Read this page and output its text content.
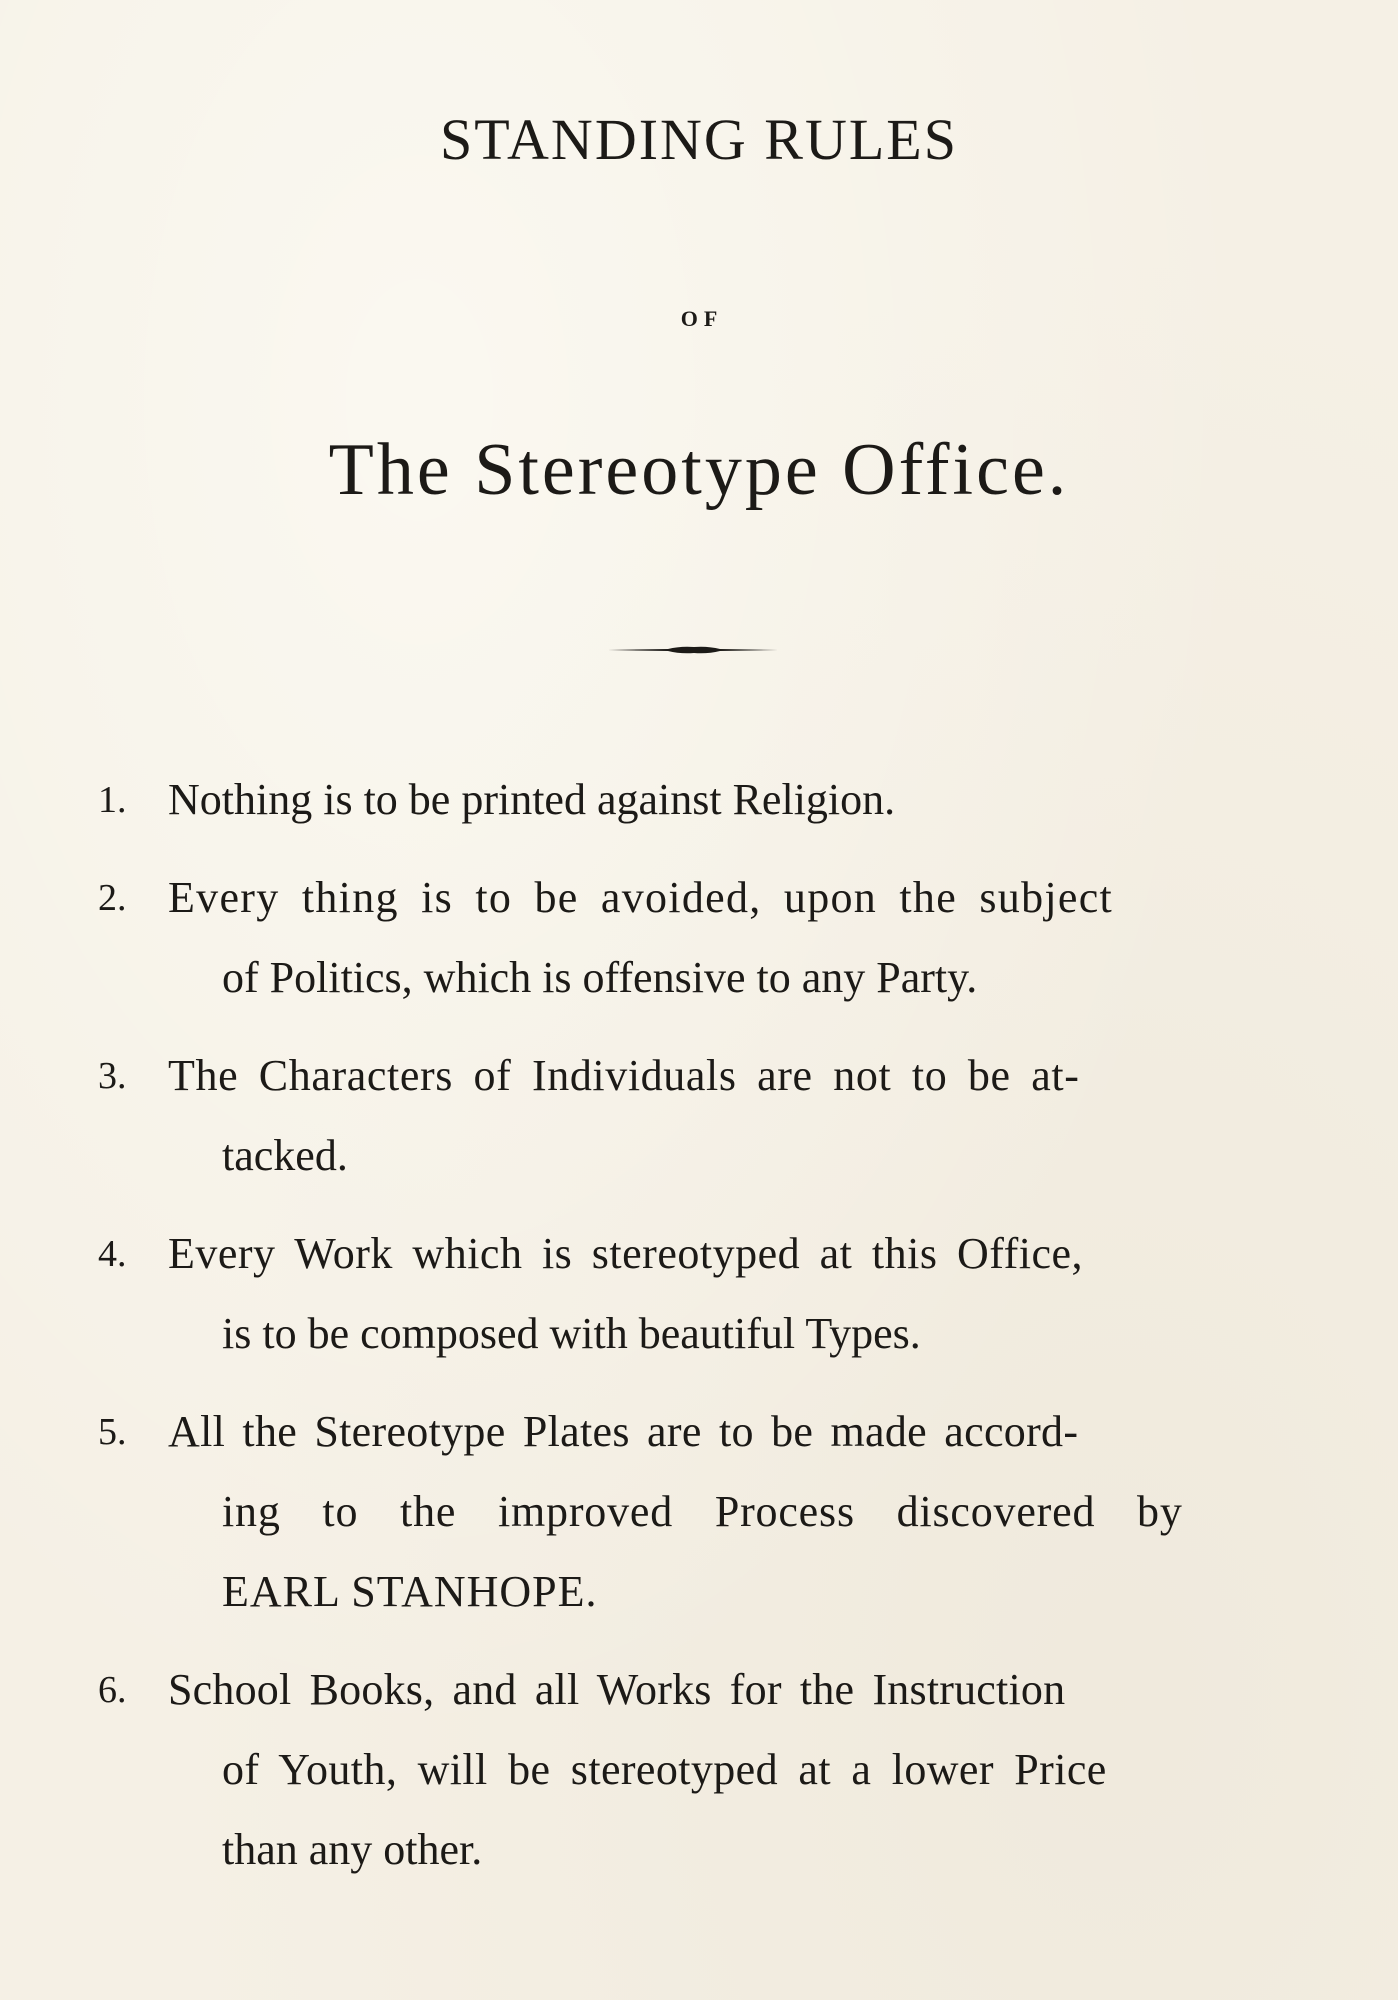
STANDING RULES
OF
The Stereotype Office.
1. Nothing is to be printed against Religion.
2. Every thing is to be avoided, upon the subject
of Politics, which is offensive to any Party.
3. The Characters of Individuals are not to be at-
tacked.
4. Every Work which is stereotyped at this Office,
is to be composed with beautiful Types.
5. All the Stereotype Plates are to be made accord-
ing to the improved Process discovered by
EARL STANHOPE.
6. School Books, and all Works for the Instruction
of Youth, will be stereotyped at a lower Price
than any other.
